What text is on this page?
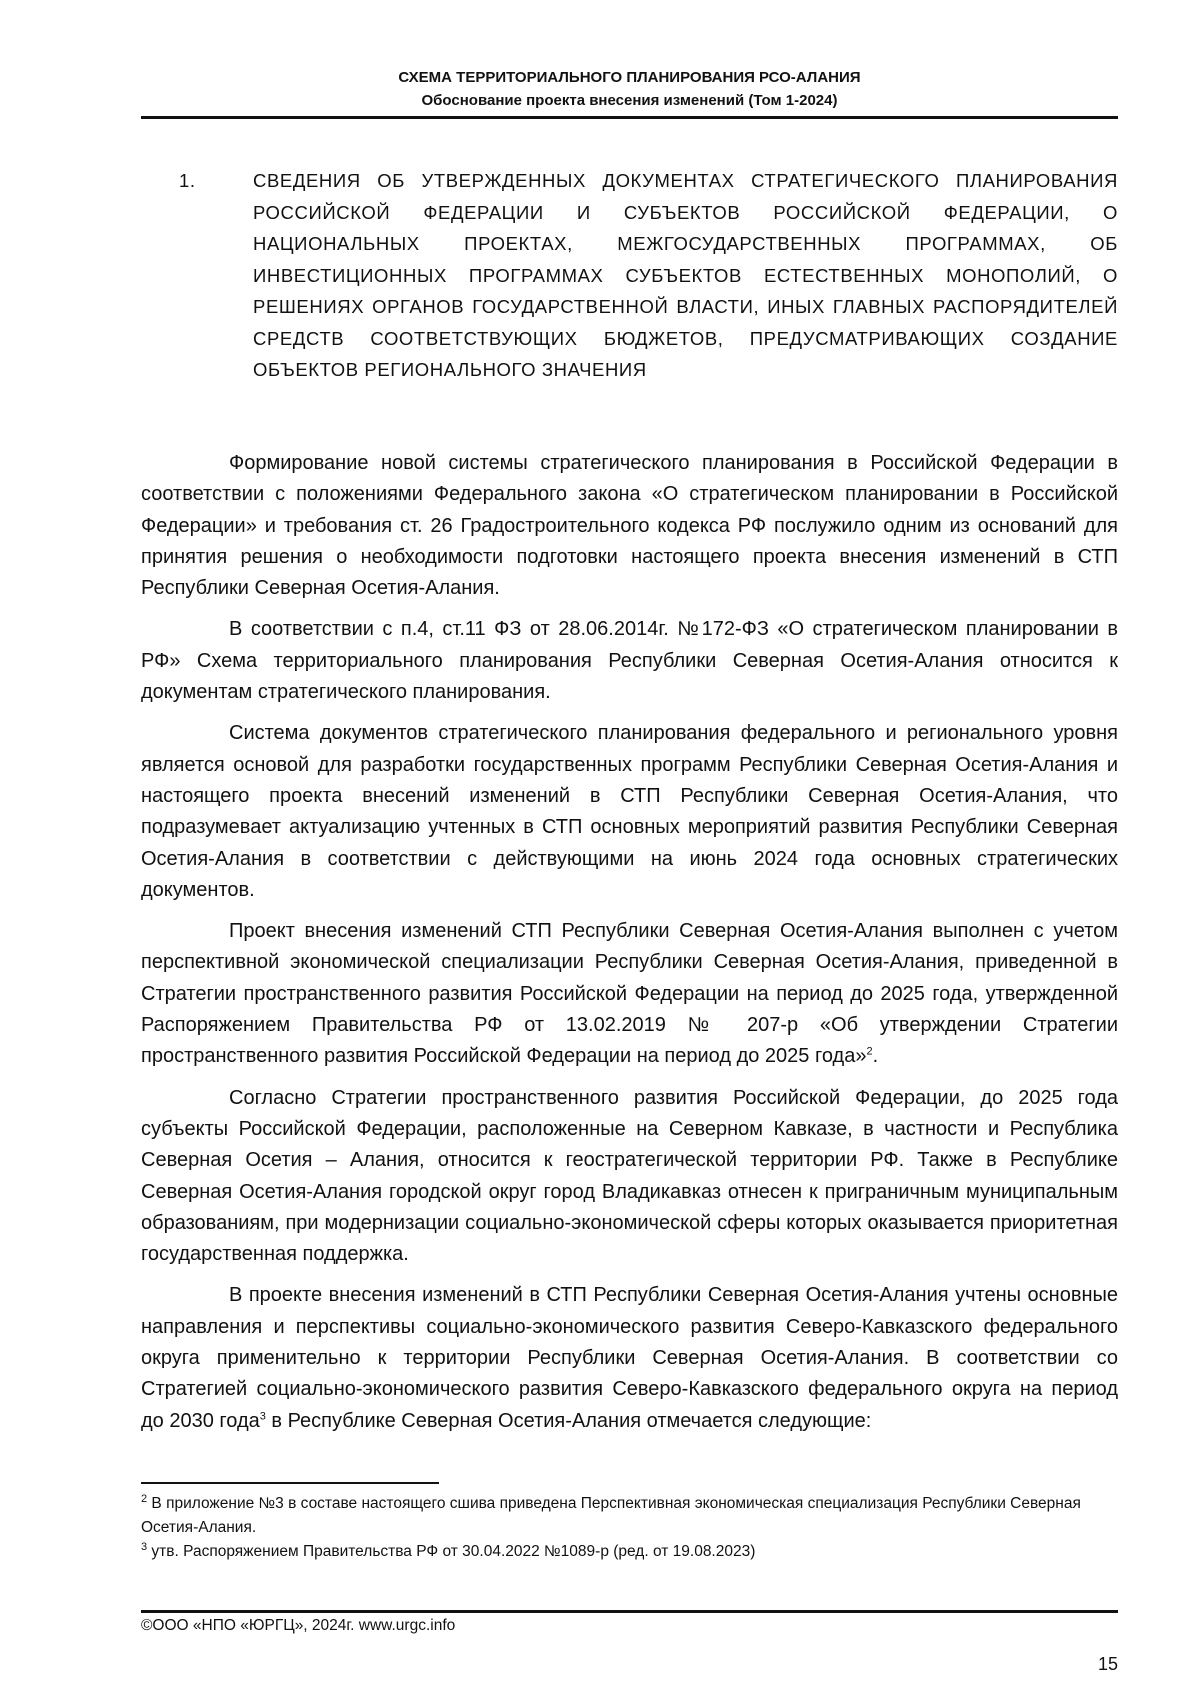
СХЕМА ТЕРРИТОРИАЛЬНОГО ПЛАНИРОВАНИЯ РСО-АЛАНИЯ
Обоснование проекта внесения изменений (Том 1-2024)
1.	СВЕДЕНИЯ ОБ УТВЕРЖДЕННЫХ ДОКУМЕНТАХ СТРАТЕГИЧЕСКОГО ПЛАНИРОВАНИЯ РОССИЙСКОЙ ФЕДЕРАЦИИ И СУБЪЕКТОВ РОССИЙСКОЙ ФЕДЕРАЦИИ, О НАЦИОНАЛЬНЫХ ПРОЕКТАХ, МЕЖГОСУДАРСТВЕННЫХ ПРОГРАММАХ, ОБ ИНВЕСТИЦИОННЫХ ПРОГРАММАХ СУБЪЕКТОВ ЕСТЕСТВЕННЫХ МОНОПОЛИЙ, О РЕШЕНИЯХ ОРГАНОВ ГОСУДАРСТВЕННОЙ ВЛАСТИ, ИНЫХ ГЛАВНЫХ РАСПОРЯДИТЕЛЕЙ СРЕДСТВ СООТВЕТСТВУЮЩИХ БЮДЖЕТОВ, ПРЕДУСМАТРИВАЮЩИХ СОЗДАНИЕ ОБЪЕКТОВ РЕГИОНАЛЬНОГО ЗНАЧЕНИЯ

Формирование новой системы стратегического планирования в Российской Федерации в соответствии с положениями Федерального закона «О стратегическом планировании в Российской Федерации» и требования ст. 26 Градостроительного кодекса РФ послужило одним из оснований для принятия решения о необходимости подготовки настоящего проекта внесения изменений в СТП Республики Северная Осетия-Алания.

В соответствии с п.4, ст.11 ФЗ от 28.06.2014г. №172-ФЗ «О стратегическом планировании в РФ» Схема территориального планирования Республики Северная Осетия-Алания относится к документам стратегического планирования.

Система документов стратегического планирования федерального и регионального уровня является основой для разработки государственных программ Республики Северная Осетия-Алания и настоящего проекта внесений изменений в СТП Республики Северная Осетия-Алания, что подразумевает актуализацию учтенных в СТП основных мероприятий развития Республики Северная Осетия-Алания в соответствии с действующими на июнь 2024 года основных стратегических документов.

Проект внесения изменений СТП Республики Северная Осетия-Алания выполнен с учетом перспективной экономической специализации Республики Северная Осетия-Алания, приведенной в Стратегии пространственного развития Российской Федерации на период до 2025 года, утвержденной Распоряжением Правительства РФ от 13.02.2019 № 207-р «Об утверждении Стратегии пространственного развития Российской Федерации на период до 2025 года»$^2$.

Согласно Стратегии пространственного развития Российской Федерации, до 2025 года субъекты Российской Федерации, расположенные на Северном Кавказе, в частности и Республика Северная Осетия – Алания, относится к геостратегической территории РФ. Также в Республике Северная Осетия-Алания городской округ город Владикавказ отнесен к приграничным муниципальным образованиям, при модернизации социально-экономической сферы которых оказывается приоритетная государственная поддержка.

В проекте внесения изменений в СТП Республики Северная Осетия-Алания учтены основные направления и перспективы социально-экономического развития Северо-Кавказского федерального округа применительно к территории Республики Северная Осетия-Алания. В соответствии со Стратегией социально-экономического развития Северо-Кавказского федерального округа на период до 2030 года$^3$ в Республике Северная Осетия-Алания отмечается следующие:

$^2$ В приложение №3 в составе настоящего сшива приведена Перспективная экономическая специализация Республики Северная Осетия-Алания.

$^3$ утв. Распоряжением Правительства РФ от 30.04.2022 №1089-р (ред. от 19.08.2023)

©ООО «НПО «ЮРГЦ», 2024г. www.urgc.info
15
